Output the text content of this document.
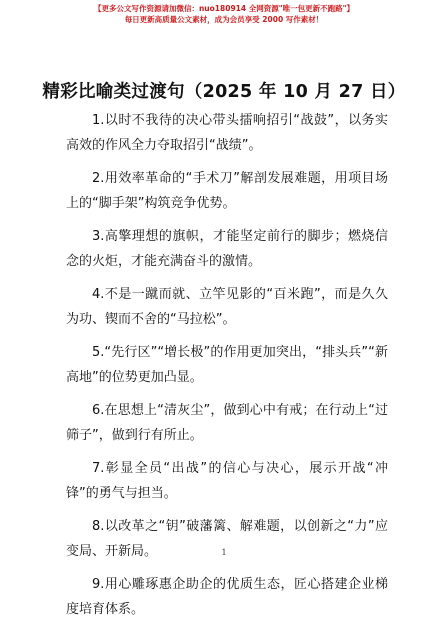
【更多公文写作资源请加微信：nuo180914 全网资源"唯一包更新不跑路"】
每日更新高质量公文素材，成为会员享受 2000 写作素材！
精彩比喻类过渡句（2025 年 10 月 27 日）

1.以时不我待的决心带头擂响招引“战鼓”，以务实高效的作风全力夺取招引“战绩”。

2.用效率革命的“手术刀”解剖发展难题，用项目场上的“脚手架”构筑竞争优势。

3.高擎理想的旗帜，才能坚定前行的脚步；燃烧信念的火炬，才能充满奋斗的激情。

4.不是一蹴而就、立竿见影的“百米跑”，而是久久为功、锲而不舍的“马拉松”。

5.“先行区”“增长极”的作用更加突出，“排头兵”“新高地”的位势更加凸显。

6.在思想上“清灰尘”，做到心中有戒；在行动上“过筛子”，做到行有所止。

7.彰显全员“出战”的信心与决心，展示开战“冲锋”的勇气与担当。

8.以改革之“钥”破藩篱、解难题，以创新之“力”应变局、开新局。

9.用心雕琢惠企助企的优质生态，匠心搭建企业梯度培育体系。

1
